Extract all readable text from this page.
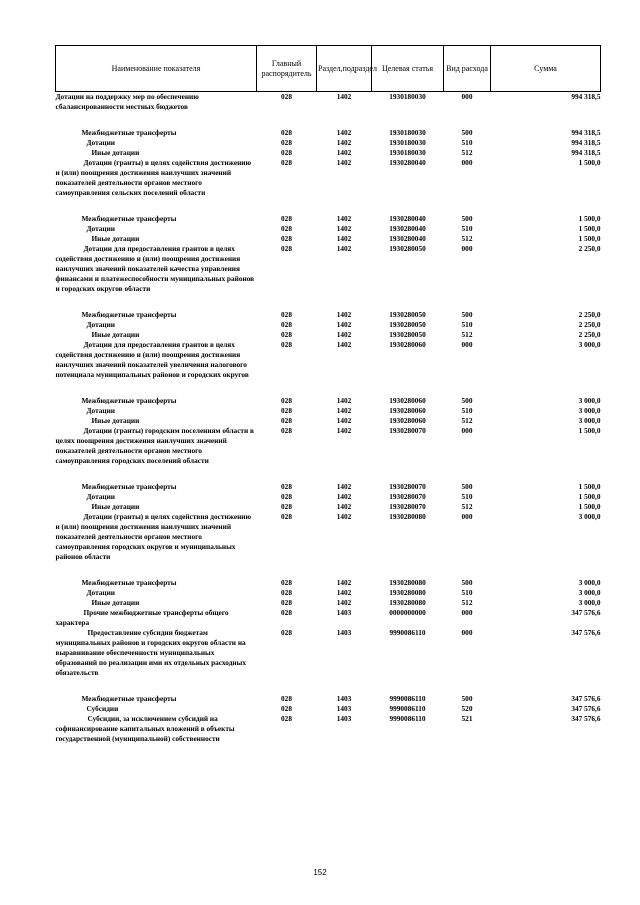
Наименование показателя	Главный распорядитель	Раздел,подраздел	Целевая статья	Вид расхода	Сумма
Дотации на поддержку мер по обеспечению сбалансированности местных бюджетов	028	1402	1930180030	000	994 318,5
Межбюджетные трансферты	028	1402	1930180030	500	994 318,5
Дотации	028	1402	1930180030	510	994 318,5
Иные дотации	028	1402	1930180030	512	994 318,5
Дотации (гранты) в целях содействия достижению и (или) поощрения достижения наилучших значений показателей деятельности органов местного самоуправления сельских поселений области	028	1402	1930280040	000	1 500,0
Межбюджетные трансферты	028	1402	1930280040	500	1 500,0
Дотации	028	1402	1930280040	510	1 500,0
Иные дотации	028	1402	1930280040	512	1 500,0
Дотации для предоставления грантов в целях содействия достижению и (или) поощрения достижения наилучших значений показателей качества управления финансами и платежеспособности муниципальных районов и городских округов области	028	1402	1930280050	000	2 250,0
Межбюджетные трансферты	028	1402	1930280050	500	2 250,0
Дотации	028	1402	1930280050	510	2 250,0
Иные дотации	028	1402	1930280050	512	2 250,0
Дотации для предоставления грантов в целях содействия достижению и (или) поощрения достижения наилучших значений показателей увеличения налогового потенциала муниципальных районов и городских округов	028	1402	1930280060	000	3 000,0
Межбюджетные трансферты	028	1402	1930280060	500	3 000,0
Дотации	028	1402	1930280060	510	3 000,0
Иные дотации	028	1402	1930280060	512	3 000,0
Дотации (гранты) городским поселениям области в целях поощрения достижения наилучших значений показателей деятельности органов местного самоуправления городских поселений области	028	1402	1930280070	000	1 500,0
Межбюджетные трансферты	028	1402	1930280070	500	1 500,0
Дотации	028	1402	1930280070	510	1 500,0
Иные дотации	028	1402	1930280070	512	1 500,0
Дотации (гранты) в целях содействия достижению и (или) поощрения достижения наилучших значений показателей деятельности органов местного самоуправления городских округов и муниципальных районов области	028	1402	1930280080	000	3 000,0
Межбюджетные трансферты	028	1402	1930280080	500	3 000,0
Дотации	028	1402	1930280080	510	3 000,0
Иные дотации	028	1402	1930280080	512	3 000,0
Прочие межбюджетные трансферты общего характера	028	1403	0000000000	000	347 576,6
Предоставление субсидии бюджетам муниципальных районов и городских округов области на выравнивание обеспеченности муниципальных образований по реализации ими их отдельных расходных обязательств	028	1403	9990086110	000	347 576,6
Межбюджетные трансферты	028	1403	9990086110	500	347 576,6
Субсидии	028	1403	9990086110	520	347 576,6
Субсидии, за исключением субсидий на софинансирование капитальных вложений в объекты государственной (муниципальной) собственности	028	1403	9990086110	521	347 576,6
152
